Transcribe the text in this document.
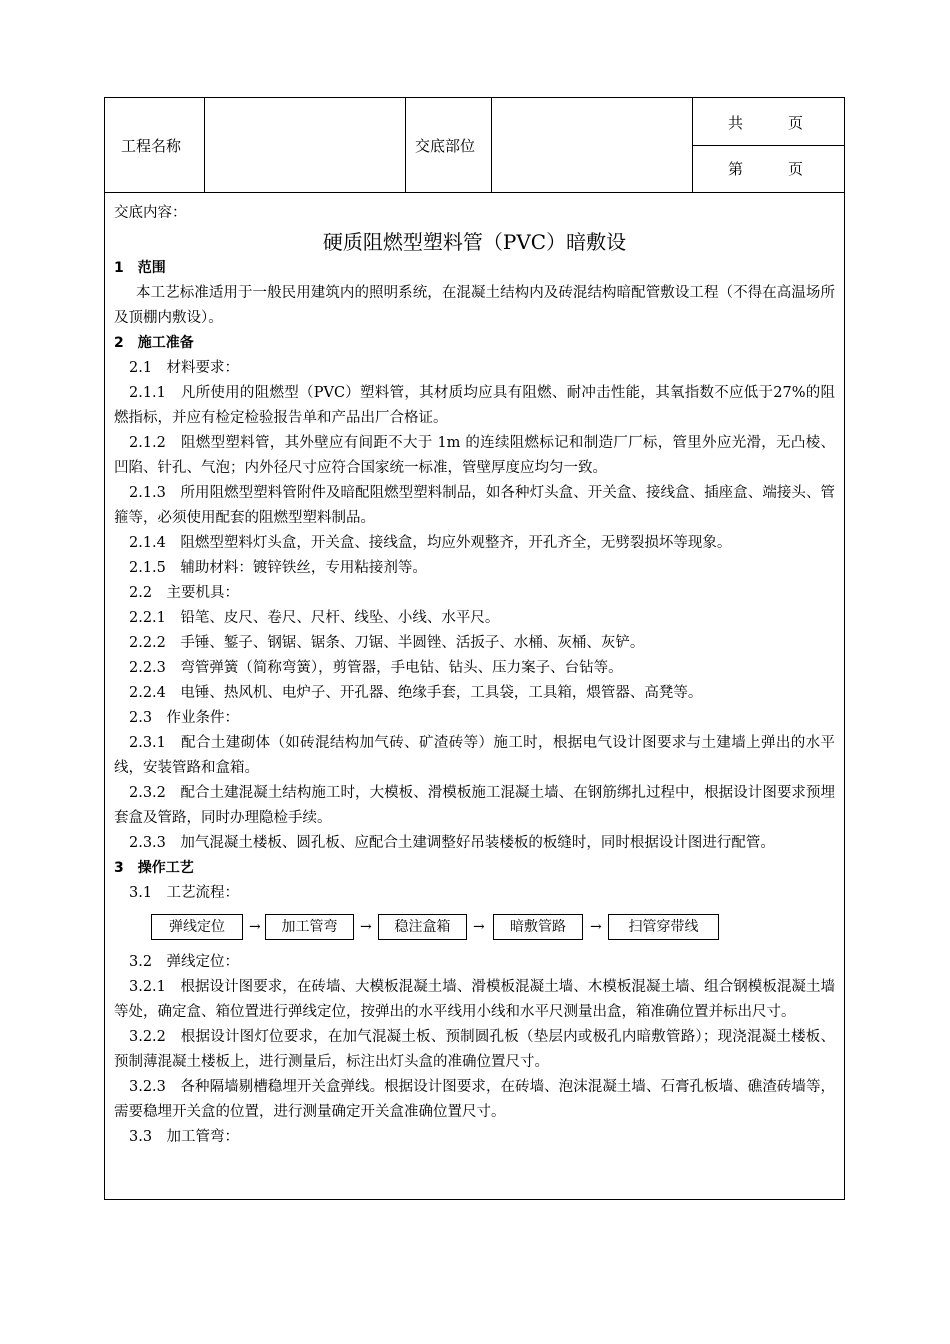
工程名称	交底部位
共　　　页
第　　　页

交底内容：

硬质阻燃型塑料管（PVC）暗敷设

1　范围

本工艺标准适用于一般民用建筑内的照明系统，在混凝土结构内及砖混结构暗配管敷设工程（不得在高温场所及顶棚内敷设）。

2　施工准备

2.1　材料要求：

2.1.1　凡所使用的阻燃型（PVC）塑料管，其材质均应具有阻燃、耐冲击性能，其氧指数不应低于27%的阻燃指标，并应有检定检验报告单和产品出厂合格证。

2.1.2　阻燃型塑料管，其外壁应有间距不大于 1m 的连续阻燃标记和制造厂厂标，管里外应光滑，无凸棱、凹陷、针孔、气泡；内外径尺寸应符合国家统一标准，管壁厚度应均匀一致。

2.1.3　所用阻燃型塑料管附件及暗配阻燃型塑料制品，如各种灯头盒、开关盒、接线盒、插座盒、端接头、管箍等，必须使用配套的阻燃型塑料制品。

2.1.4　阻燃型塑料灯头盒，开关盒、接线盒，均应外观整齐，开孔齐全，无劈裂损坏等现象。

2.1.5　辅助材料：镀锌铁丝，专用粘接剂等。

2.2　主要机具：

2.2.1　铅笔、皮尺、卷尺、尺杆、线坠、小线、水平尺。

2.2.2　手锤、錾子、钢锯、锯条、刀锯、半圆锉、活扳子、水桶、灰桶、灰铲。

2.2.3　弯管弹簧（简称弯簧），剪管器，手电钻、钻头、压力案子、台钻等。

2.2.4　电锤、热风机、电炉子、开孔器、绝缘手套，工具袋，工具箱，煨管器、高凳等。

2.3　作业条件：

2.3.1　配合土建砌体（如砖混结构加气砖、矿渣砖等）施工时，根据电气设计图要求与土建墙上弹出的水平线，安装管路和盒箱。

2.3.2　配合土建混凝土结构施工时，大模板、滑模板施工混凝土墙、在钢筋绑扎过程中，根据设计图要求预埋套盒及管路，同时办理隐检手续。

2.3.3　加气混凝土楼板、圆孔板、应配合土建调整好吊装楼板的板缝时，同时根据设计图进行配管。

3　操作工艺

3.1　工艺流程：

弹线定位	→	加工管弯	→	稳注盒箱	→	暗敷管路	→	扫管穿带线

3.2　弹线定位：

3.2.1　根据设计图要求，在砖墙、大模板混凝土墙、滑模板混凝土墙、木模板混凝土墙、组合钢模板混凝土墙等处，确定盒、箱位置进行弹线定位，按弹出的水平线用小线和水平尺测量出盒，箱准确位置并标出尺寸。

3.2.2　根据设计图灯位要求，在加气混凝土板、预制圆孔板（垫层内或极孔内暗敷管路）；现浇混凝土楼板、预制薄混凝土楼板上，进行测量后，标注出灯头盒的准确位置尺寸。

3.2.3　各种隔墙剔槽稳埋开关盒弹线。根据设计图要求，在砖墙、泡沫混凝土墙、石膏孔板墙、礁渣砖墙等，需要稳埋开关盒的位置，进行测量确定开关盒准确位置尺寸。

3.3　加工管弯：
